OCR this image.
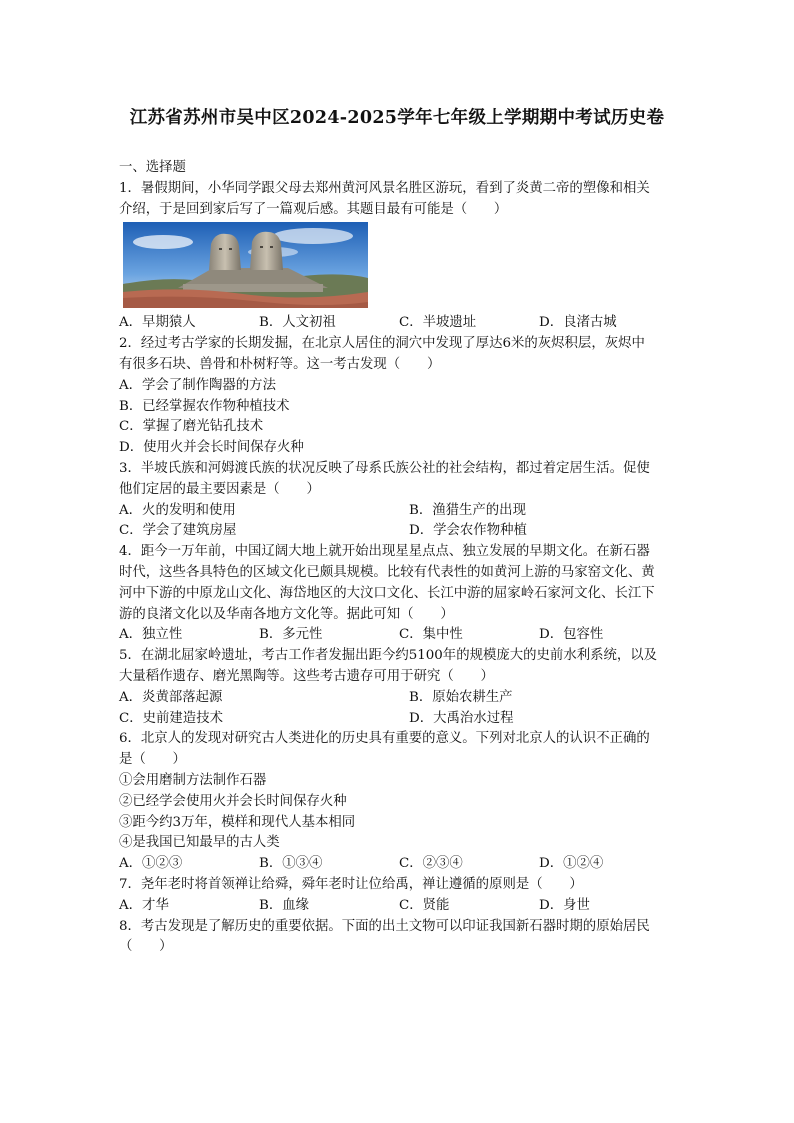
江苏省苏州市吴中区2024-2025学年七年级上学期期中考试历史卷
一、选择题
1．暑假期间，小华同学跟父母去郑州黄河风景名胜区游玩，看到了炎黄二帝的塑像和相关
介绍，于是回到家后写了一篇观后感。其题目最有可能是（　　）
A．早期猿人	B．人文初祖	C．半坡遗址	D．良渚古城
2．经过考古学家的长期发掘，在北京人居住的洞穴中发现了厚达6米的灰烬积层，灰烬中
有很多石块、兽骨和朴树籽等。这一考古发现（　　）
A．学会了制作陶器的方法
B．已经掌握农作物种植技术
C．掌握了磨光钻孔技术
D．使用火并会长时间保存火种
3．半坡氏族和河姆渡氏族的状况反映了母系氏族公社的社会结构，都过着定居生活。促使
他们定居的最主要因素是（　　）
A．火的发明和使用	B．渔猎生产的出现
C．学会了建筑房屋	D．学会农作物种植
4．距今一万年前，中国辽阔大地上就开始出现星星点点、独立发展的早期文化。在新石器
时代，这些各具特色的区域文化已颇具规模。比较有代表性的如黄河上游的马家窑文化、黄
河中下游的中原龙山文化、海岱地区的大汶口文化、长江中游的屈家岭石家河文化、长江下
游的良渚文化以及华南各地方文化等。据此可知（　　）
A．独立性	B．多元性	C．集中性	D．包容性
5．在湖北屈家岭遗址，考古工作者发掘出距今约5100年的规模庞大的史前水利系统，以及
大量稻作遗存、磨光黑陶等。这些考古遗存可用于研究（　　）
A．炎黄部落起源	B．原始农耕生产
C．史前建造技术	D．大禹治水过程
6．北京人的发现对研究古人类进化的历史具有重要的意义。下列对北京人的认识不正确的
是（　　）
①会用磨制方法制作石器
②已经学会使用火并会长时间保存火种
③距今约3万年，模样和现代人基本相同
④是我国已知最早的古人类
A．①②③	B．①③④	C．②③④	D．①②④
7．尧年老时将首领禅让给舜，舜年老时让位给禹，禅让遵循的原则是（　　）
A．才华	B．血缘	C．贤能	D．身世
8．考古发现是了解历史的重要依据。下面的出土文物可以印证我国新石器时期的原始居民
（　　）
